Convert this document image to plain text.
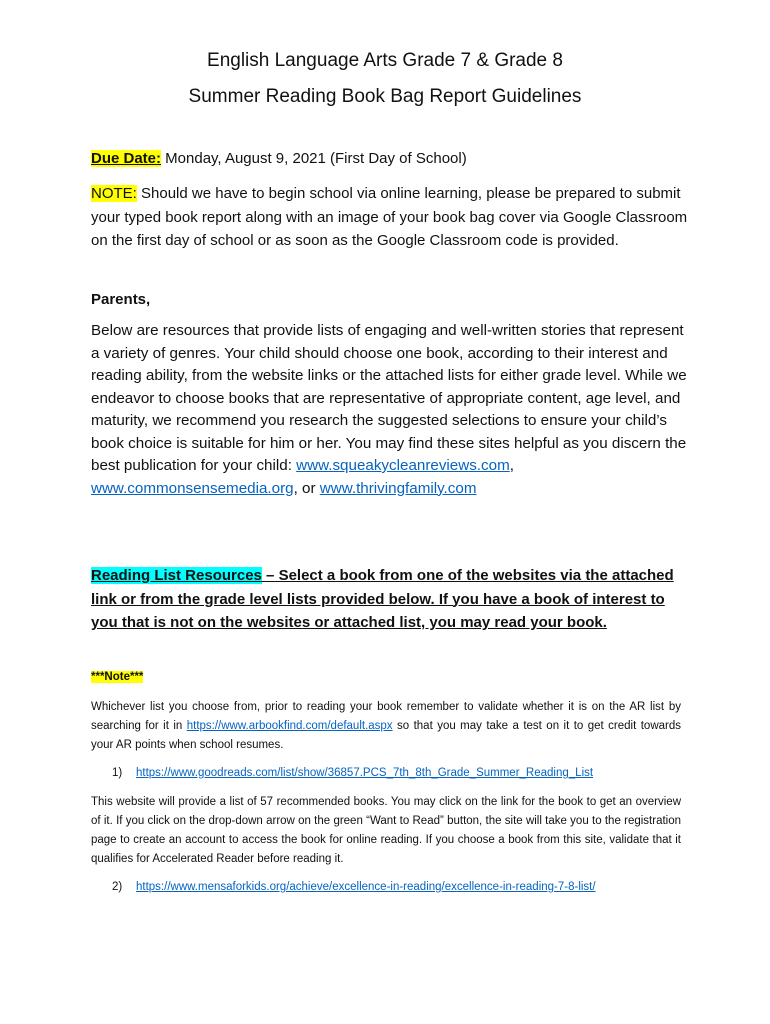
English Language Arts Grade 7 & Grade 8
Summer Reading Book Bag Report Guidelines
Due Date: Monday, August 9, 2021 (First Day of School)
NOTE: Should we have to begin school via online learning, please be prepared to submit your typed book report along with an image of your book bag cover via Google Classroom on the first day of school or as soon as the Google Classroom code is provided.
Parents,
Below are resources that provide lists of engaging and well-written stories that represent a variety of genres. Your child should choose one book, according to their interest and reading ability, from the website links or the attached lists for either grade level. While we endeavor to choose books that are representative of appropriate content, age level, and maturity, we recommend you research the suggested selections to ensure your child’s book choice is suitable for him or her. You may find these sites helpful as you discern the best publication for your child: www.squeakycleanreviews.com, www.commonsensemedia.org, or www.thrivingfamily.com
Reading List Resources – Select a book from one of the websites via the attached link or from the grade level lists provided below. If you have a book of interest to you that is not on the websites or attached list, you may read your book.
***Note***
Whichever list you choose from, prior to reading your book remember to validate whether it is on the AR list by searching for it in https://www.arbookfind.com/default.aspx so that you may take a test on it to get credit towards your AR points when school resumes.
1) https://www.goodreads.com/list/show/36857.PCS_7th_8th_Grade_Summer_Reading_List
This website will provide a list of 57 recommended books. You may click on the link for the book to get an overview of it. If you click on the drop-down arrow on the green “Want to Read” button, the site will take you to the registration page to create an account to access the book for online reading. If you choose a book from this site, validate that it qualifies for Accelerated Reader before reading it.
2) https://www.mensaforkids.org/achieve/excellence-in-reading/excellence-in-reading-7-8-list/
